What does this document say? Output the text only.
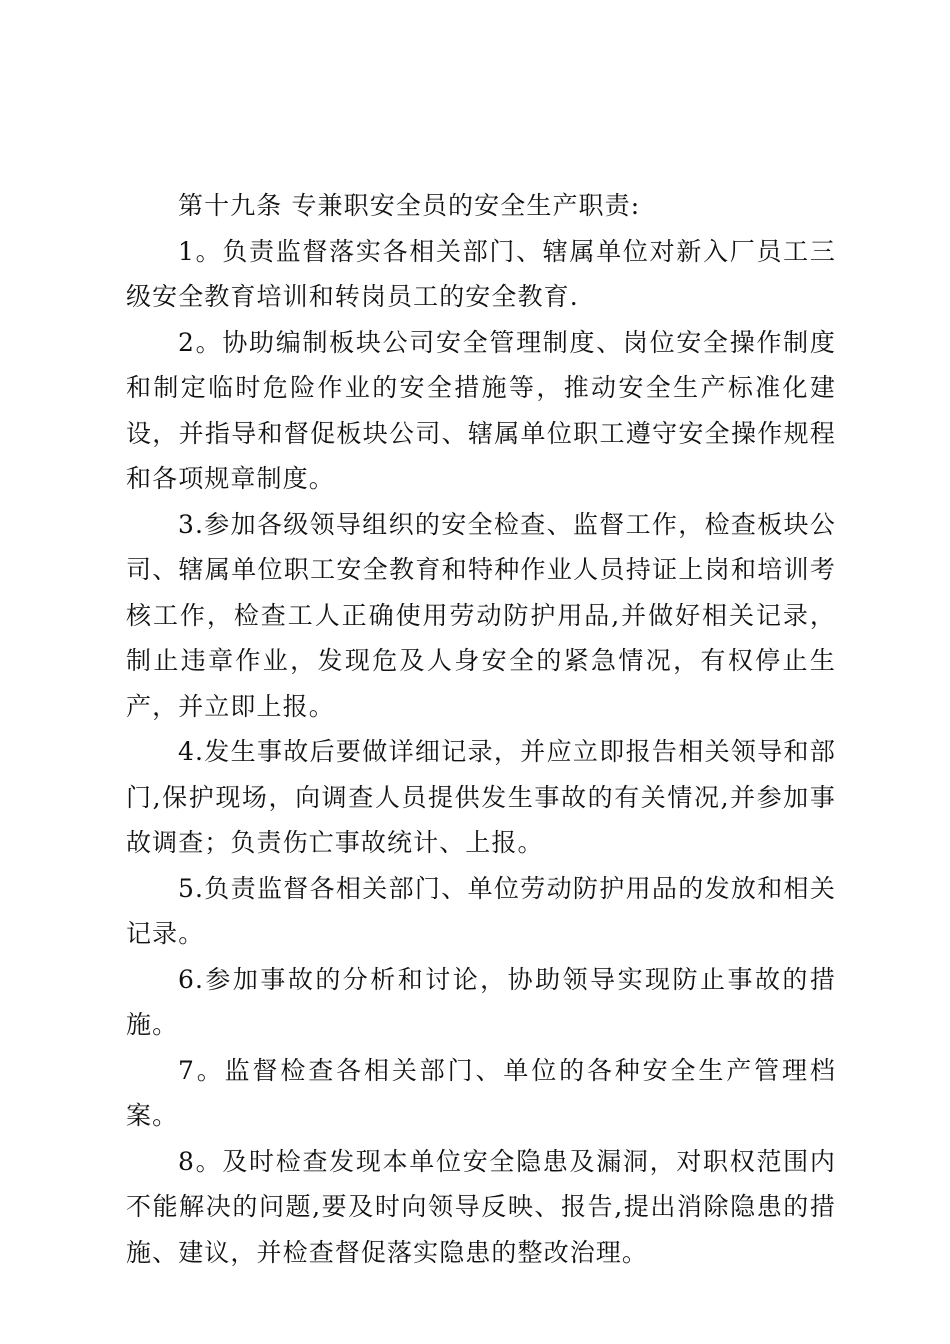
第十九条 专兼职安全员的安全生产职责:

1。负责监督落实各相关部门、辖属单位对新入厂员工三级安全教育培训和转岗员工的安全教育.

2。协助编制板块公司安全管理制度、岗位安全操作制度和制定临时危险作业的安全措施等，推动安全生产标准化建设，并指导和督促板块公司、辖属单位职工遵守安全操作规程和各项规章制度。

3.参加各级领导组织的安全检查、监督工作，检查板块公司、辖属单位职工安全教育和特种作业人员持证上岗和培训考核工作，检查工人正确使用劳动防护用品,并做好相关记录，制止违章作业，发现危及人身安全的紧急情况，有权停止生产，并立即上报。

4.发生事故后要做详细记录，并应立即报告相关领导和部门,保护现场，向调查人员提供发生事故的有关情况,并参加事故调查；负责伤亡事故统计、上报。

5.负责监督各相关部门、单位劳动防护用品的发放和相关记录。

6.参加事故的分析和讨论，协助领导实现防止事故的措施。

7。监督检查各相关部门、单位的各种安全生产管理档案。

8。及时检查发现本单位安全隐患及漏洞，对职权范围内不能解决的问题,要及时向领导反映、报告,提出消除隐患的措施、建议，并检查督促落实隐患的整改治理。
